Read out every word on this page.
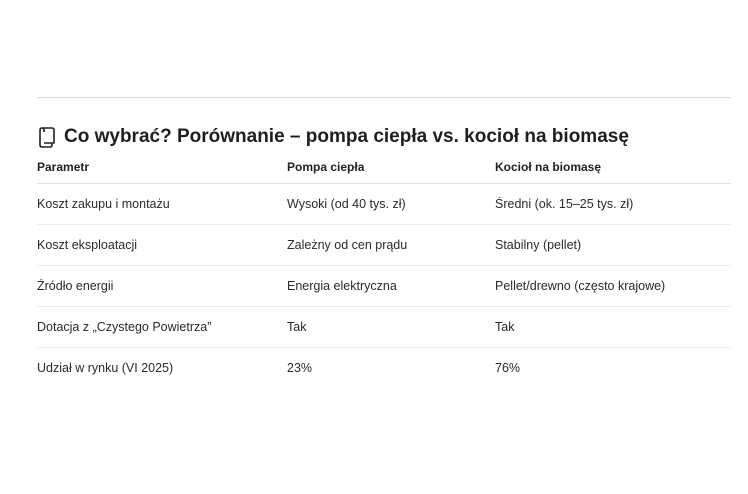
Co wybrać? Porównanie – pompa ciepła vs. kocioł na biomasę
Parametr	Pompa ciepła	Kocioł na biomasę
Koszt zakupu i montażu	Wysoki (od 40 tys. zł)	Średni (ok. 15–25 tys. zł)
Koszt eksploatacji	Zależny od cen prądu	Stabilny (pellet)
Źródło energii	Energia elektryczna	Pellet/drewno (często krajowe)
Dotacja z „Czystego Powietrza”	Tak	Tak
Udział w rynku (VI 2025)	23%	76%
